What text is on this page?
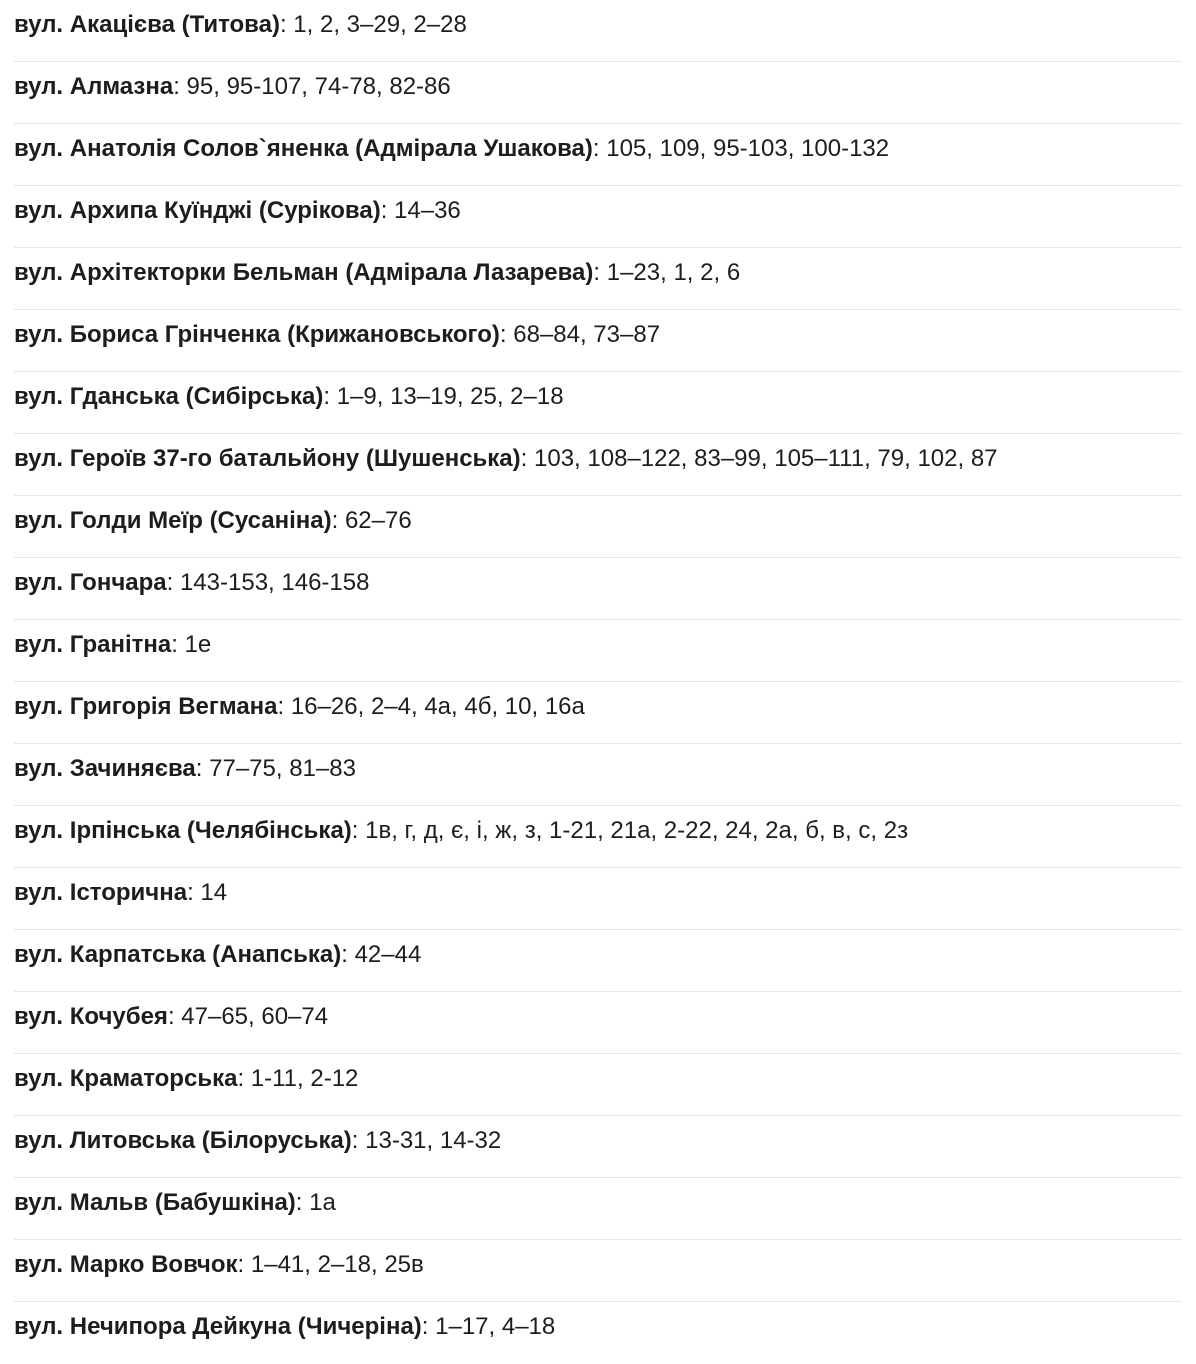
вул. Акацієва (Титова) : 1, 2, 3–29, 2–28
вул. Алмазна : 95, 95-107, 74-78, 82-86
вул. Анатолія Солов`яненка (Адмірала Ушакова) : 105, 109, 95-103, 100-132
вул. Архипа Куїнджі (Сурікова) : 14–36
вул. Архітекторки Бельман (Адмірала Лазарева) : 1–23, 1, 2, 6
вул. Бориса Грінченка (Крижановського) : 68–84, 73–87
вул. Гданська (Сибірська) : 1–9, 13–19, 25, 2–18
вул. Героїв 37-го батальйону (Шушенська) : 103, 108–122, 83–99, 105–111, 79, 102, 87
вул. Голди Меїр (Сусаніна) : 62–76
вул. Гончара : 143-153, 146-158
вул. Гранітна : 1е
вул. Григорія Вегмана : 16–26, 2–4, 4а, 4б, 10, 16а
вул. Зачиняєва : 77–75, 81–83
вул. Ірпінська (Челябінська) : 1в, г, д, є, і, ж, з, 1-21, 21а, 2-22, 24, 2а, б, в, с, 2з
вул. Історична : 14
вул. Карпатська (Анапська) : 42–44
вул. Кочубея : 47–65, 60–74
вул. Краматорська : 1-11, 2-12
вул. Литовська (Білоруська) : 13-31, 14-32
вул. Мальв (Бабушкіна) : 1а
вул. Марко Вовчок : 1–41, 2–18, 25в
вул. Нечипора Дейкуна (Чичеріна) : 1–17, 4–18
